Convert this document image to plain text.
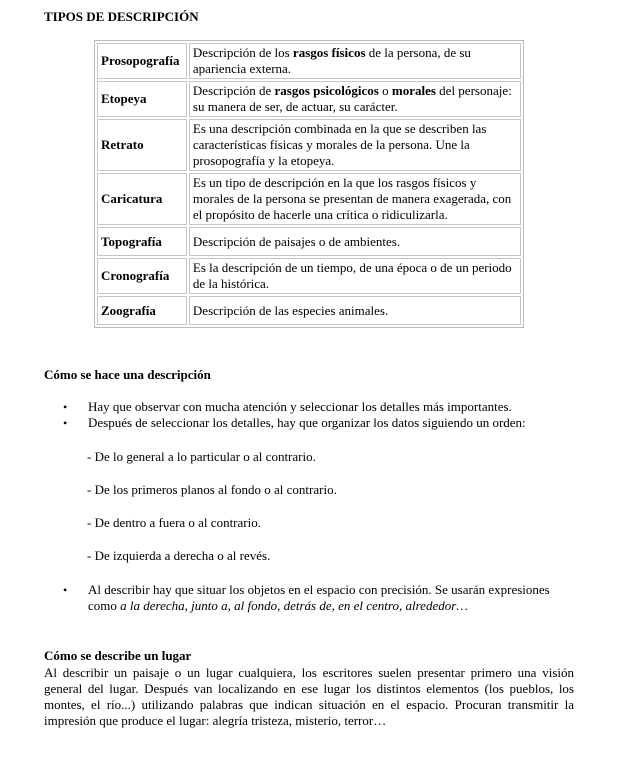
TIPOS DE DESCRIPCIÓN
Prosopografía	Descripción de los rasgos físicos de la persona, de su apariencia externa.
Etopeya	Descripción de rasgos psicológicos o morales del personaje: su manera de ser, de actuar, su carácter.
Retrato	Es una descripción combinada en la que se describen las características físicas y morales de la persona. Une la prosopografía y la etopeya.
Caricatura	Es un tipo de descripción en la que los rasgos físicos y morales de la persona se presentan de manera exagerada, con el propósito de hacerle una crítica o ridiculizarla.
Topografía	Descripción de paisajes o de ambientes.
Cronografía	Es la descripción de un tiempo, de una época o de un periodo de la histórica.
Zoografía	Descripción de las especies animales.
Cómo se hace una descripción
• Hay que observar con mucha atención y seleccionar los detalles más importantes.
• Después de seleccionar los detalles, hay que organizar los datos siguiendo un orden:
- De lo general a lo particular o al contrario.
- De los primeros planos al fondo o al contrario.
- De dentro a fuera o al contrario.
- De izquierda a derecha o al revés.
• Al describir hay que situar los objetos en el espacio con precisión. Se usarán expresiones como a la derecha, junto a, al fondo, detrás de, en el centro, alrededor…
Cómo se describe un lugar

Al describir un paisaje o un lugar cualquiera, los escritores suelen presentar primero una visión general del lugar. Después van localizando en ese lugar los distintos elementos (los pueblos, los montes, el río...) utilizando palabras que indican situación en el espacio. Procuran transmitir la impresión que produce el lugar: alegría tristeza, misterio, terror…
